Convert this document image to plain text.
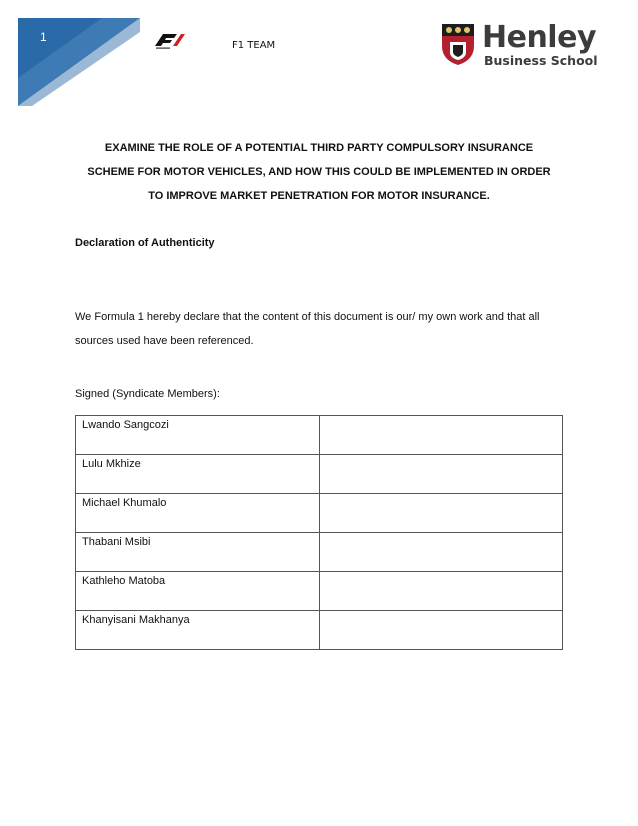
1
F1 TEAM	Henley
Business School
EXAMINE THE ROLE OF A POTENTIAL THIRD PARTY COMPULSORY INSURANCE
SCHEME FOR MOTOR VEHICLES, AND HOW THIS COULD BE IMPLEMENTED IN ORDER
TO IMPROVE MARKET PENETRATION FOR MOTOR INSURANCE.

Declaration of Authenticity

We Formula 1 hereby declare that the content of this document is our/ my own work and that all
sources used have been referenced.

Signed (Syndicate Members):

Lwando Sangcozi	
Lulu Mkhize	
Michael Khumalo	
Thabani Msibi	
Kathleho Matoba	
Khanyisani Makhanya	
